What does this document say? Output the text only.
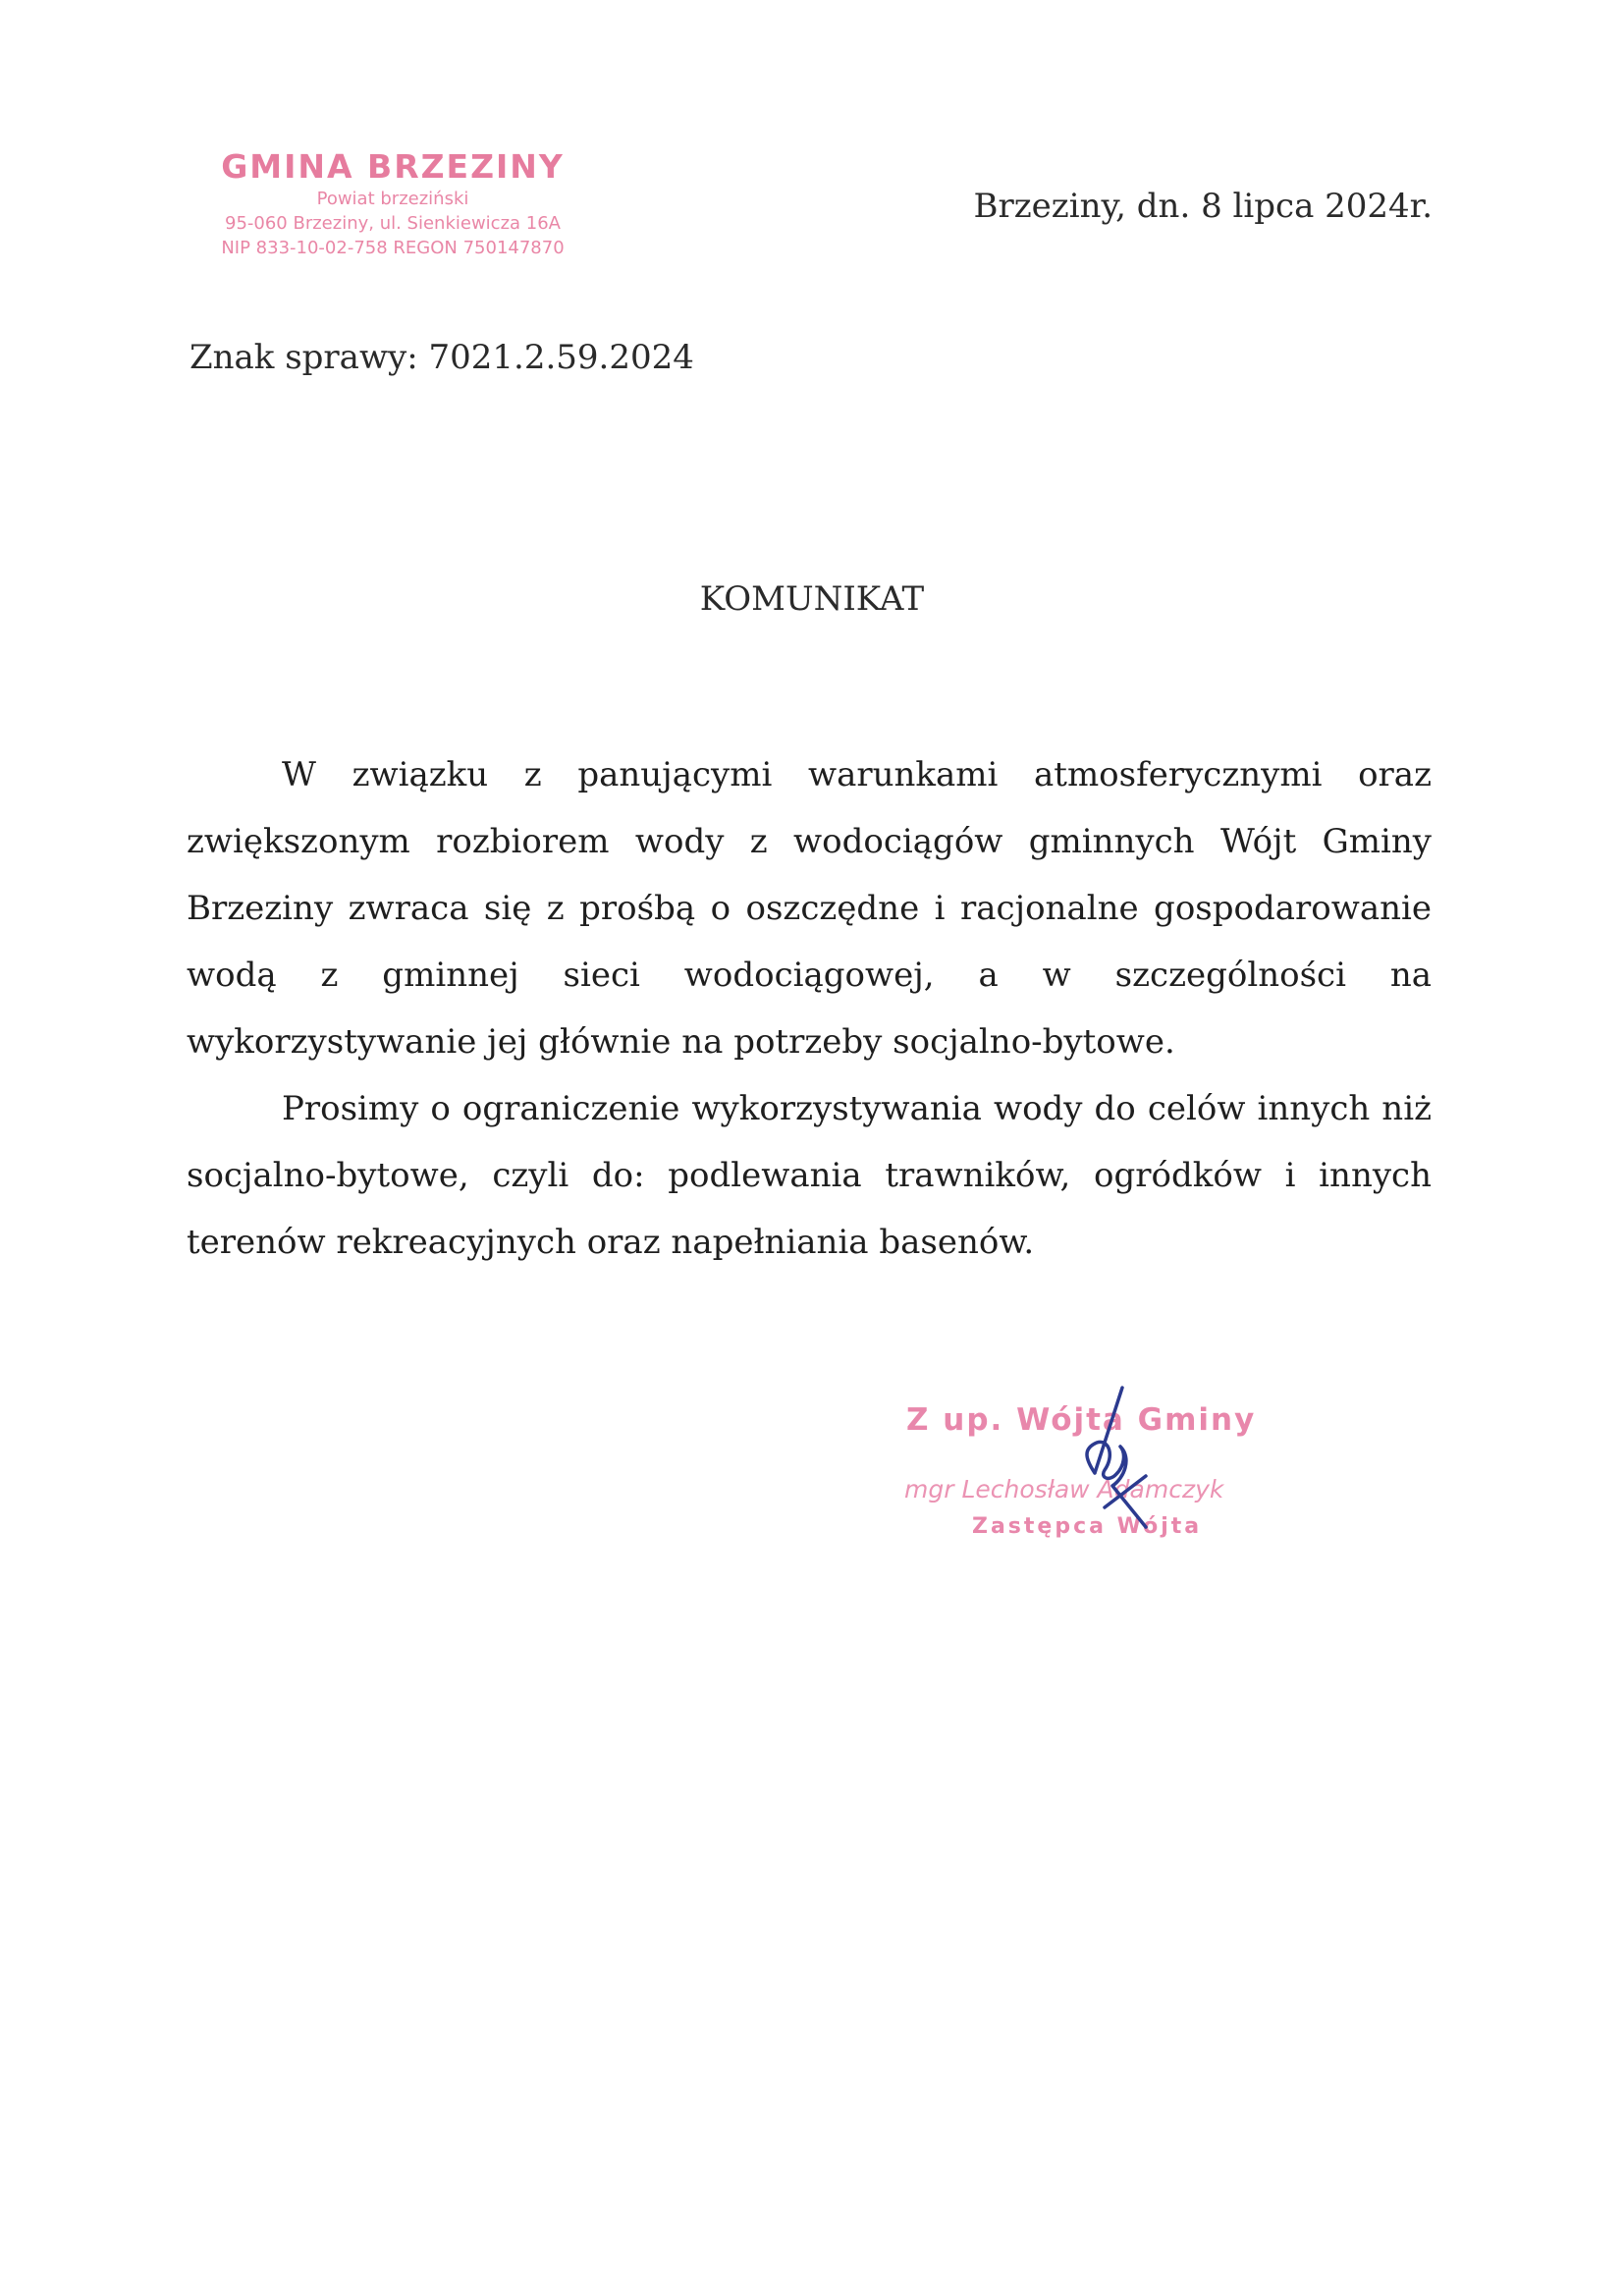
GMINA BRZEZINY
Powiat brzeziński
95-060 Brzeziny, ul. Sienkiewicza 16A
NIP 833-10-02-758 REGON 750147870
Brzeziny, dn. 8 lipca 2024r.
Znak sprawy: 7021.2.59.2024
KOMUNIKAT

W związku z panującymi warunkami atmosferycznymi oraz zwiększonym rozbiorem wody z wodociągów gminnych Wójt Gminy Brzeziny zwraca się z prośbą o oszczędne i racjonalne gospodarowanie wodą z gminnej sieci wodociągowej, a w szczególności na wykorzystywanie jej głównie na potrzeby socjalno-bytowe.

Prosimy o ograniczenie wykorzystywania wody do celów innych niż socjalno-bytowe, czyli do: podlewania trawników, ogródków i innych terenów rekreacyjnych oraz napełniania basenów.

Z up. Wójta Gminy
mgr Lechosław Adamczyk
Zastępca Wójta
